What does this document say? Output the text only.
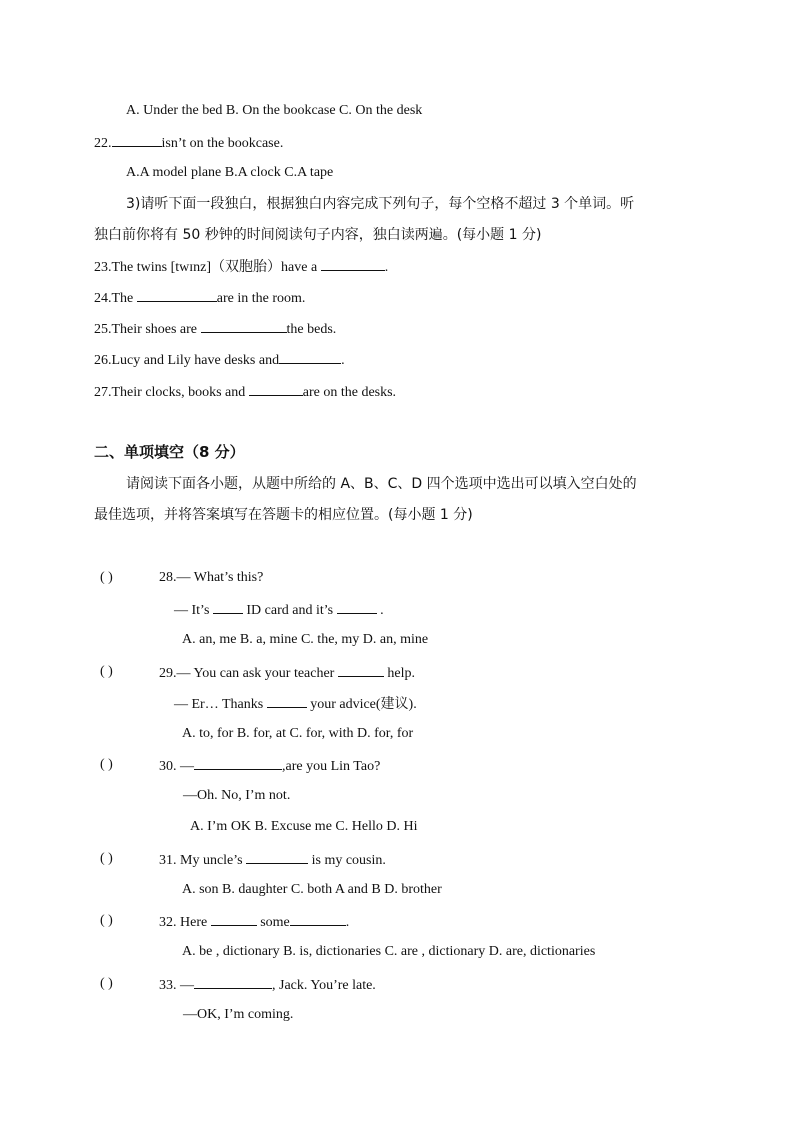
A. Under the bed B. On the bookcase C. On the desk
22.	isn’t on the bookcase.
A.A model plane B.A clock C.A tape
3)请听下面一段独白，根据独白内容完成下列句子，每个空格不超过 3 个单词。听
独白前你将有 50 秒钟的时间阅读句子内容，独白读两遍。(每小题 1 分)
23.The twins [twɪnz]（双胞胎）have a	.
24.The	are in the room.
25.Their shoes are	the beds.
26.Lucy and Lily have desks and	.
27.Their clocks, books and	are on the desks.
二、单项填空（8 分）
请阅读下面各小题，从题中所给的 A、B、C、D 四个选项中选出可以填入空白处的
最佳选项，并将答案填写在答题卡的相应位置。(每小题 1 分)
( )	28.— What’s this?
— It’s  ID card and it’s	.
A. an, me B. a, mine C. the, my D. an, mine
( )	29.— You can ask your teacher	help.
— Er… Thanks	your advice(建议).
A. to, for B. for, at C. for, with D. for, for
( )	30. —	,are you Lin Tao?
—Oh. No, I’m not.
A. I’m OK B. Excuse me C. Hello D. Hi
( )	31. My uncle’s	is my cousin.
A. son B. daughter C. both A and B D. brother
( )	32. Here	some	.
A. be , dictionary B. is, dictionaries C. are , dictionary D. are, dictionaries
( )	33. —	, Jack. You’re late.
—OK, I’m coming.
